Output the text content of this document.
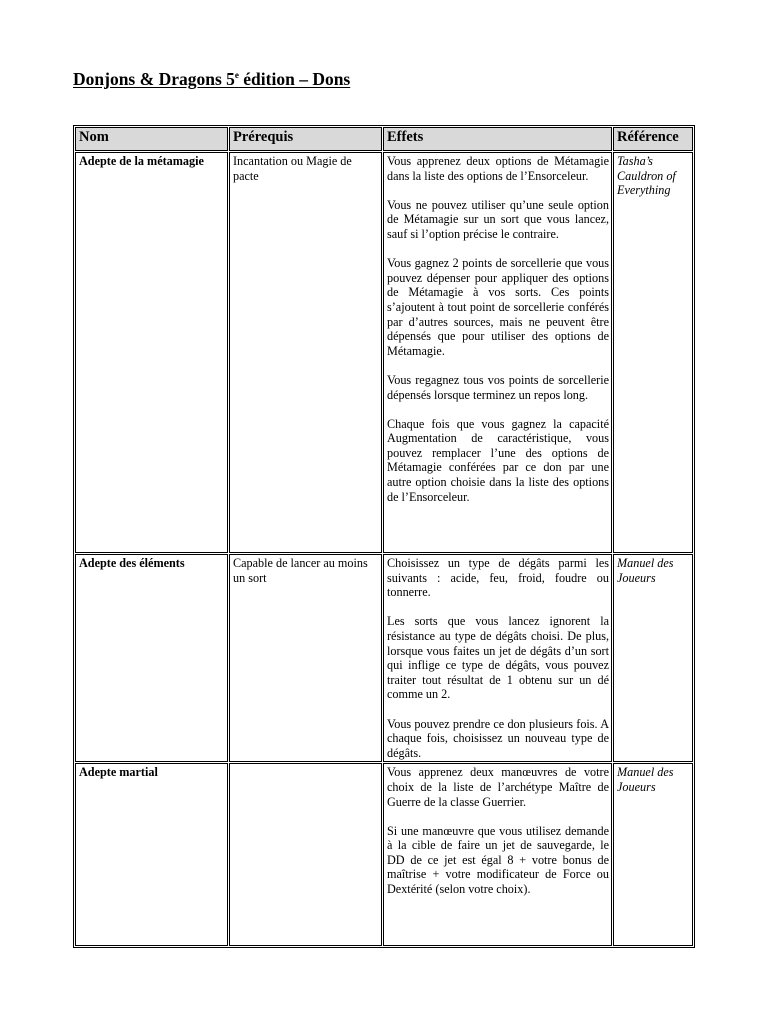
Donjons & Dragons 5e édition – Dons
Nom	Prérequis	Effets	Référence
Adepte de la métamagie	Incantation ou Magie de pacte	Vous apprenez deux options de Métamagie dans la liste des options de l’Ensorceleur.

Vous ne pouvez utiliser qu’une seule option de Métamagie sur un sort que vous lancez, sauf si l’option précise le contraire.

Vous gagnez 2 points de sorcellerie que vous pouvez dépenser pour appliquer des options de Métamagie à vos sorts. Ces points s’ajoutent à tout point de sorcellerie conférés par d’autres sources, mais ne peuvent être dépensés que pour utiliser des options de Métamagie.

Vous regagnez tous vos points de sorcellerie dépensés lorsque terminez un repos long.

Chaque fois que vous gagnez la capacité Augmentation de caractéristique, vous pouvez remplacer l’une des options de Métamagie conférées par ce don par une autre option choisie dans la liste des options de l’Ensorceleur.	Tasha’s Cauldron of Everything
Adepte des éléments	Capable de lancer au moins un sort	Choisissez un type de dégâts parmi les suivants : acide, feu, froid, foudre ou tonnerre.

Les sorts que vous lancez ignorent la résistance au type de dégâts choisi. De plus, lorsque vous faites un jet de dégâts d’un sort qui inflige ce type de dégâts, vous pouvez traiter tout résultat de 1 obtenu sur un dé comme un 2.

Vous pouvez prendre ce don plusieurs fois. A chaque fois, choisissez un nouveau type de dégâts.	Manuel des Joueurs
Adepte martial		Vous apprenez deux manœuvres de votre choix de la liste de l’archétype Maître de Guerre de la classe Guerrier.

Si une manœuvre que vous utilisez demande à la cible de faire un jet de sauvegarde, le DD de ce jet est égal 8 + votre bonus de maîtrise + votre modificateur de Force ou Dextérité (selon votre choix).	Manuel des Joueurs
